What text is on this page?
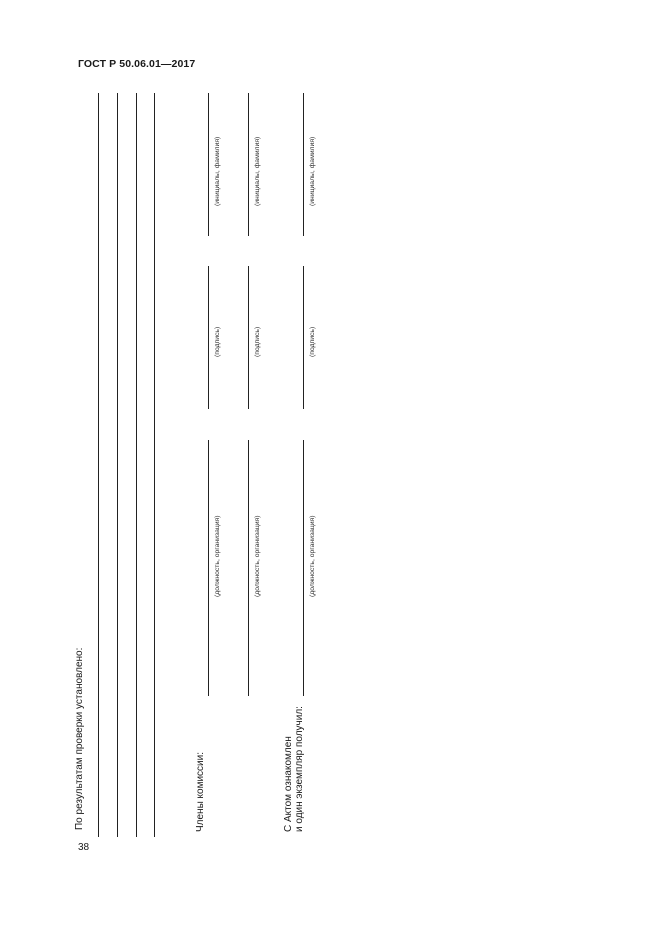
ГОСТ Р 50.06.01—2017
По результатам проверки установлено:	Члены комиссии:
(должность, организация)
(подпись)
(инициалы, фамилия)
(должность, организация)
(подпись)
(инициалы, фамилия)
С Актом ознакомлен и один экземпляр получил:
(должность, организация)
(подпись)
(инициалы, фамилия)
38
